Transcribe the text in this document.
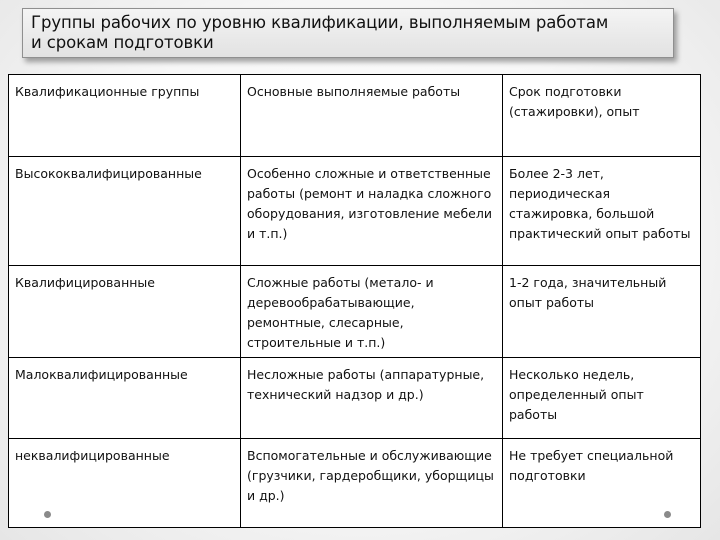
Группы рабочих по уровню квалификации, выполняемым работам
и срокам подготовки
Квалификационные группы	Основные выполняемые работы	Срок подготовки (стажировки), опыт
Высококвалифицированные	Особенно сложные и ответственные работы (ремонт и наладка сложного оборудования, изготовление мебели и т.п.)	Более 2-3 лет, периодическая стажировка, большой практический опыт работы
Квалифицированные	Сложные работы (метало- и деревообрабатывающие, ремонтные, слесарные, строительные и т.п.)	1-2 года, значительный опыт работы
Малоквалифицированные	Несложные работы (аппаратурные, технический надзор и др.)	Несколько недель, определенный опыт работы
неквалифицированные	Вспомогательные и обслуживающие (грузчики, гардеробщики, уборщицы и др.)	Не требует специальной подготовки
